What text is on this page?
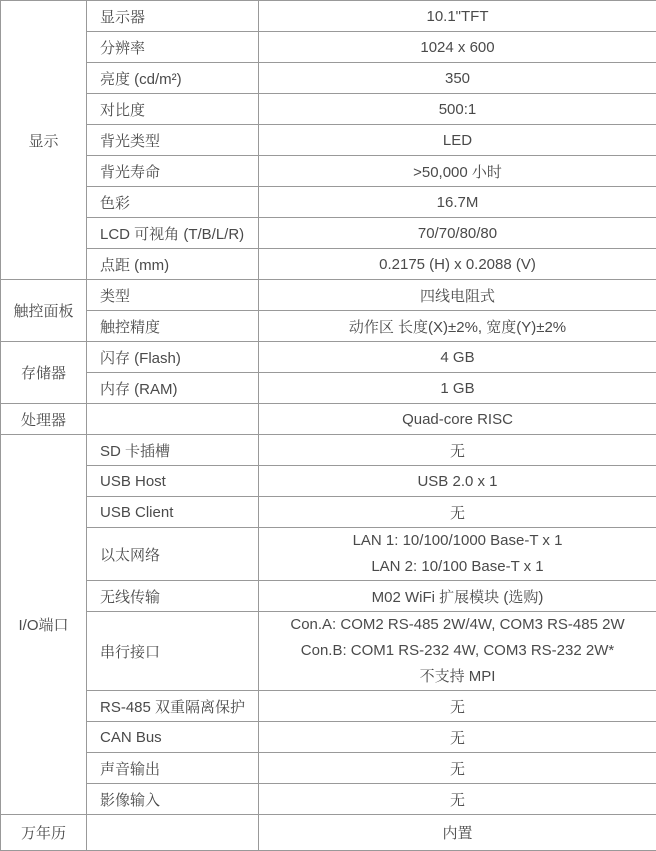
显示	显示器	10.1"TFT
	分辨率	1024 x 600
	亮度 (cd/m²)	350
	对比度	500:1
	背光类型	LED
	背光寿命	>50,000 小时
	色彩	16.7M
	LCD 可视角 (T/B/L/R)	70/70/80/80
	点距 (mm)	0.2175 (H) x 0.2088 (V)
触控面板	类型	四线电阻式
	触控精度	动作区 长度(X)±2%, 宽度(Y)±2%
存储器	闪存 (Flash)	4 GB
	内存 (RAM)	1 GB
处理器		Quad-core RISC
I/O端口	SD 卡插槽	无
	USB Host	USB 2.0 x 1
	USB Client	无
	以太网络	LAN 1: 10/100/1000 Base-T x 1
LAN 2: 10/100 Base-T x 1

	无线传输	M02 WiFi 扩展模块 (选购)
	串行接口	Con.A: COM2 RS-485 2W/4W, COM3 RS-485 2W
Con.B: COM1 RS-232 4W, COM3 RS-232 2W*
不支持 MPI

	RS-485 双重隔离保护	无
	CAN Bus	无
	声音输出	无
	影像输入	无
万年历		内置
